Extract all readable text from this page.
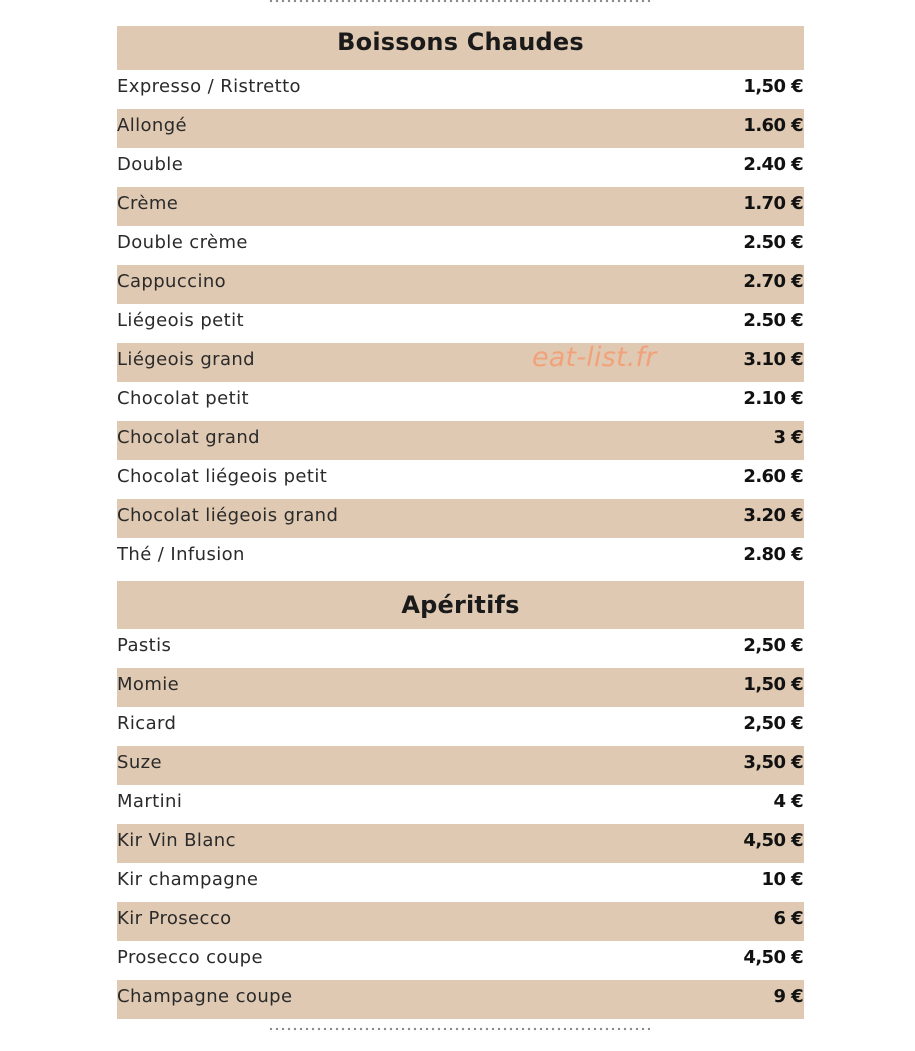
Boissons Chaudes
Expresso / Ristretto	1,50 €
Allongé	1.60 €
Double	2.40 €
Crème	1.70 €
Double crème	2.50 €
Cappuccino	2.70 €
Liégeois petit	2.50 €
Liégeois grand	3.10 €
Chocolat petit	2.10 €
Chocolat grand	3 €
Chocolat liégeois petit	2.60 €
Chocolat liégeois grand	3.20 €
Thé / Infusion	2.80 €
Apéritifs
Pastis	2,50 €
Momie	1,50 €
Ricard	2,50 €
Suze	3,50 €
Martini	4 €
Kir Vin Blanc	4,50 €
Kir champagne	10 €
Kir Prosecco	6 €
Prosecco coupe	4,50 €
Champagne coupe	9 €
eat-list.fr
